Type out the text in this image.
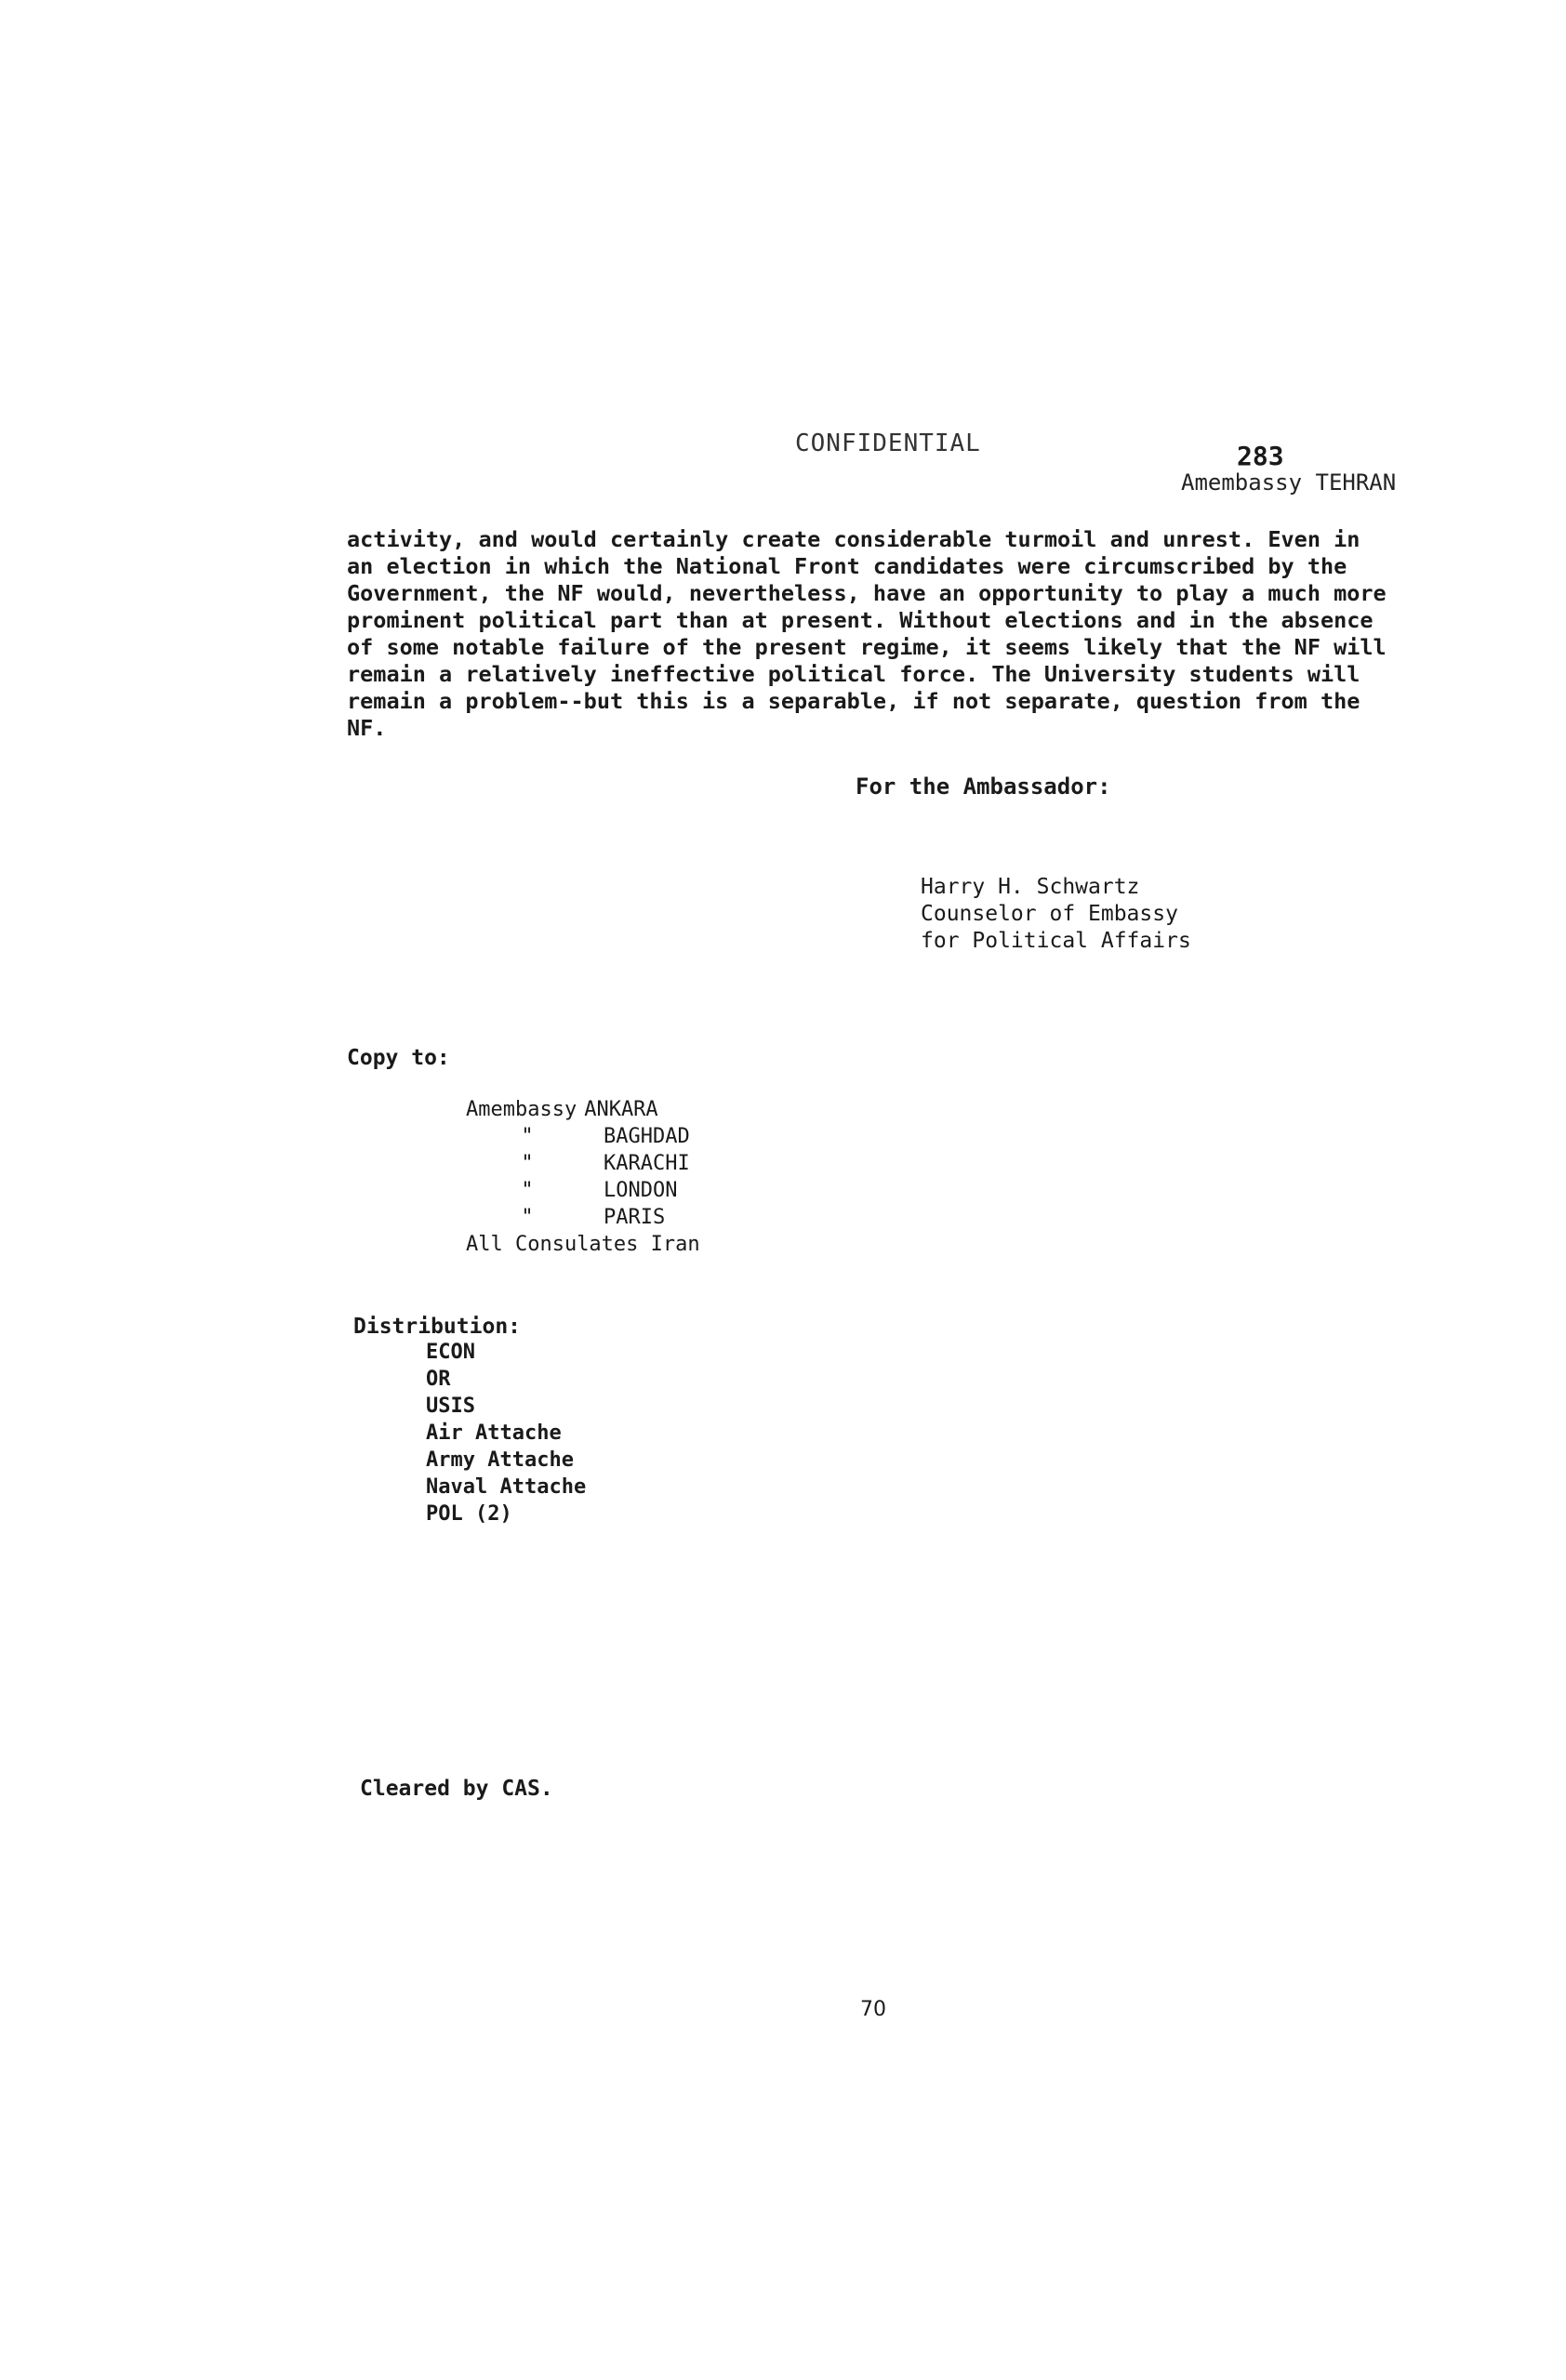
CONFIDENTIAL	283
Amembassy TEHRAN
activity, and would certainly create considerable turmoil and unrest. Even in
an election in which the National Front candidates were circumscribed by the
Government, the NF would, nevertheless, have an opportunity to play a much more
prominent political part than at present. Without elections and in the absence
of some notable failure of the present regime, it seems likely that the NF will
remain a relatively ineffective political force. The University students will
remain a problem--but this is a separable, if not separate, question from the
NF.
For the Ambassador:
Harry H. Schwartz
Counselor of Embassy
for Political Affairs
Copy to:

Amembassy ANKARA

"	BAGHDAD

"	KARACHI

"	LONDON

"	PARIS

All Consulates Iran

Distribution:
ECON
OR
USIS
Air Attache
Army Attache
Naval Attache
POL (2)
Cleared by CAS.
70
